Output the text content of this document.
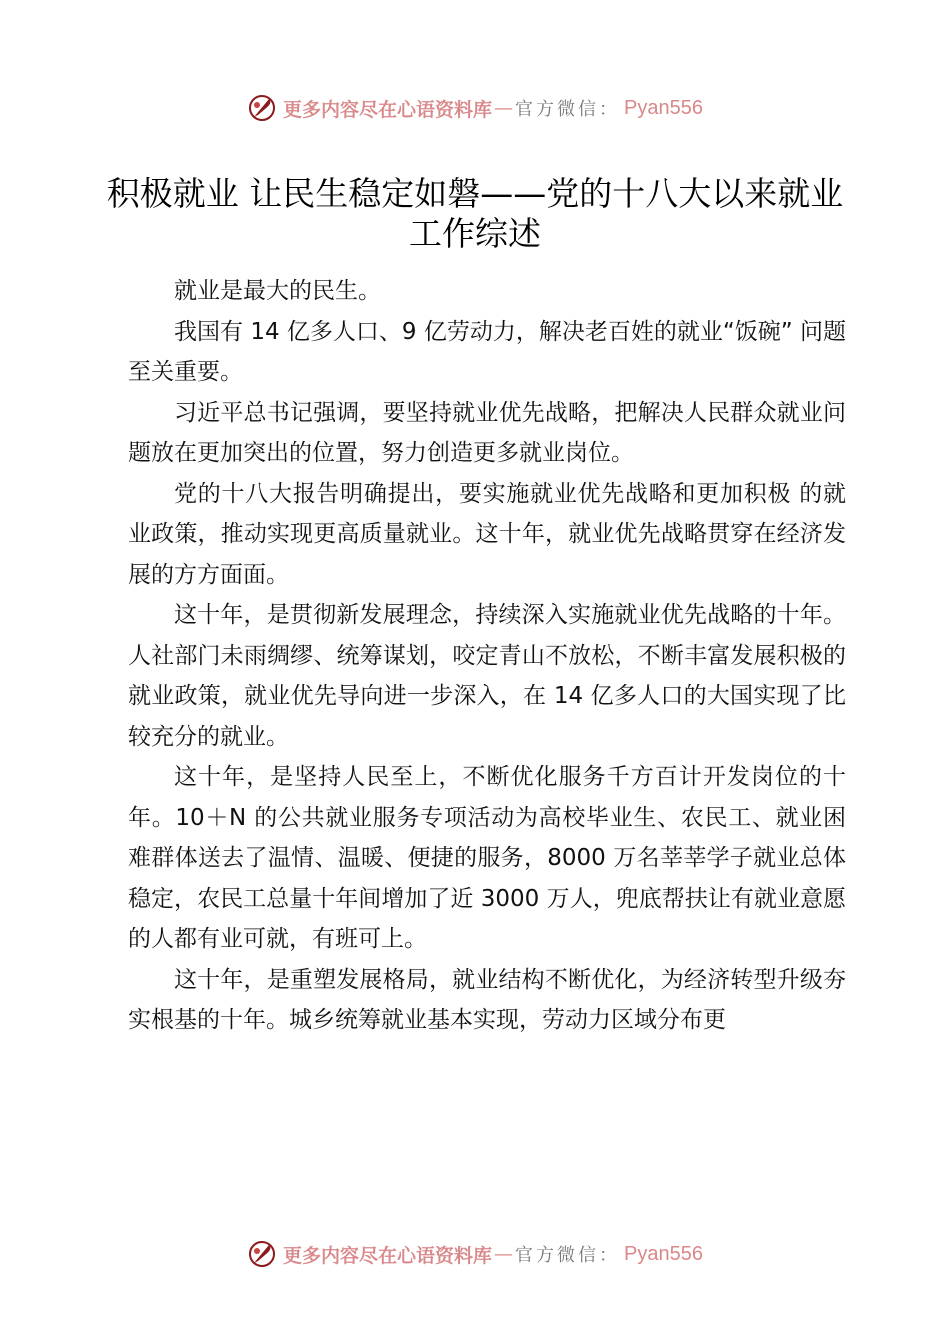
更多内容尽在心语资料库 — 官方微信： Pyan556
积极就业 让民生稳定如磐——党的十八大以来就业工作综述

就业是最大的民生。

我国有 14 亿多人口、9 亿劳动力，解决老百姓的就业“饭碗” 问题至关重要。

习近平总书记强调，要坚持就业优先战略，把解决人民群众就业问题放在更加突出的位置，努力创造更多就业岗位。

党的十八大报告明确提出，要实施就业优先战略和更加积极 的就业政策，推动实现更高质量就业。这十年，就业优先战略贯穿在经济发展的方方面面。

这十年，是贯彻新发展理念，持续深入实施就业优先战略的十年。人社部门未雨绸缪、统筹谋划，咬定青山不放松，不断丰富发展积极的就业政策，就业优先导向进一步深入，在 14 亿多人口的大国实现了比较充分的就业。

这十年，是坚持人民至上，不断优化服务千方百计开发岗位的十年。10＋N 的公共就业服务专项活动为高校毕业生、农民工、就业困难群体送去了温情、温暖、便捷的服务，8000 万名莘莘学子就业总体稳定，农民工总量十年间增加了近 3000 万人，兜底帮扶让有就业意愿的人都有业可就，有班可上。

这十年，是重塑发展格局，就业结构不断优化，为经济转型升级夯实根基的十年。城乡统筹就业基本实现，劳动力区域分布更

更多内容尽在心语资料库 — 官方微信： Pyan556
